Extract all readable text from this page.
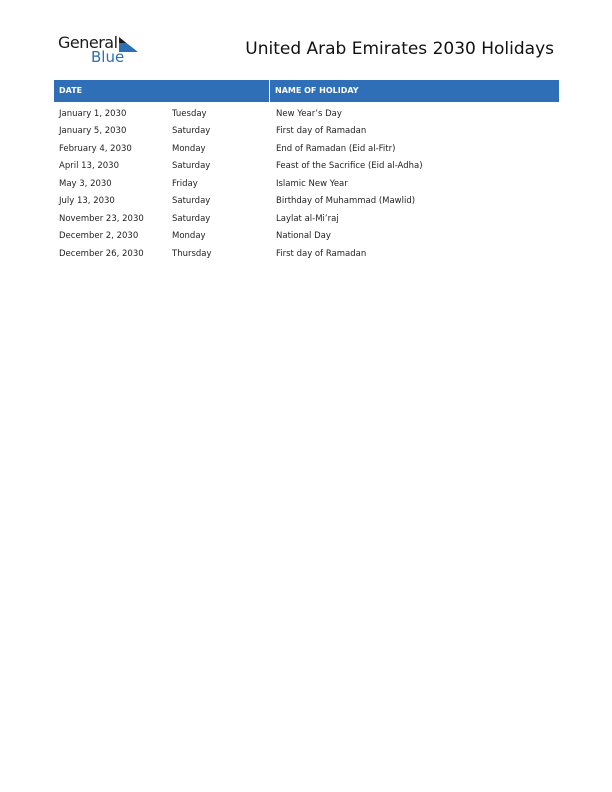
General
Blue	United Arab Emirates 2030 Holidays
DATE	NAME OF HOLIDAY
January 1, 2030	Tuesday	New Year’s Day
January 5, 2030	Saturday	First day of Ramadan
February 4, 2030	Monday	End of Ramadan (Eid al-Fitr)
April 13, 2030	Saturday	Feast of the Sacrifice (Eid al-Adha)
May 3, 2030	Friday	Islamic New Year
July 13, 2030	Saturday	Birthday of Muhammad (Mawlid)
November 23, 2030	Saturday	Laylat al-Mi’raj
December 2, 2030	Monday	National Day
December 26, 2030	Thursday	First day of Ramadan
